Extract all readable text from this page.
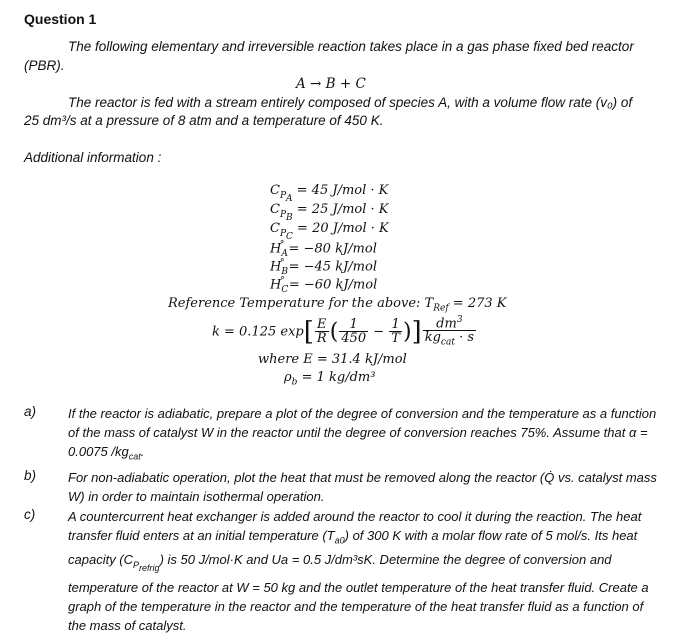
Question 1
The following elementary and irreversible reaction takes place in a gas phase fixed bed reactor
(PBR).
A → B + C
The reactor is fed with a stream entirely composed of species A, with a volume flow rate (v₀) of
25 dm³/s at a pressure of 8 atm and a temperature of 450 K.
Additional information :
$C_{P_A} = 45$ J/mol · K
$C_{P_B} = 25$ J/mol · K
$C_{P_C} = 20$ J/mol · K
$H_A^\circ = -80$ kJ/mol
$H_B^\circ = -45$ kJ/mol
$H_C^\circ = -60$ kJ/mol
Reference Temperature for the above: $T_{Ref} = 273$ K
k = 0.125 $\exp[ \frac{E}{R}$ ( $\frac{1}{450} - \frac{1}{T}$ )] $\frac{dm^3}{kg_{cat} \cdot s}$
where E = 31.4 kJ/mol
$\rho_b = 1$ kg/dm³
a) If the reactor is adiabatic, prepare a plot of the degree of conversion and the temperature as a function of the mass of catalyst W in the reactor until the degree of conversion reaches 75%. Assume that α = 0.0075 $/kg_{cat}$.
b) For non-adiabatic operation, plot the heat that must be removed along the reactor (Q̇ vs. catalyst mass W) in order to maintain isothermal operation.
c)	A countercurrent heat exchanger is added around the reactor to cool it during the reaction. The heat transfer fluid enters at an initial temperature $(T_{a0})$ of 300 K with a molar flow rate of 5 mol/s. Its heat capacity $(C_{P_{refrig}})$ is 50 J/mol·K and Ua = 0.5 J/dm³sK. Determine the degree of conversion and temperature of the reactor at W = 50 kg and the outlet temperature of the heat transfer fluid. Create a graph of the temperature in the reactor and the temperature of the heat transfer fluid as a function of the mass of catalyst.
